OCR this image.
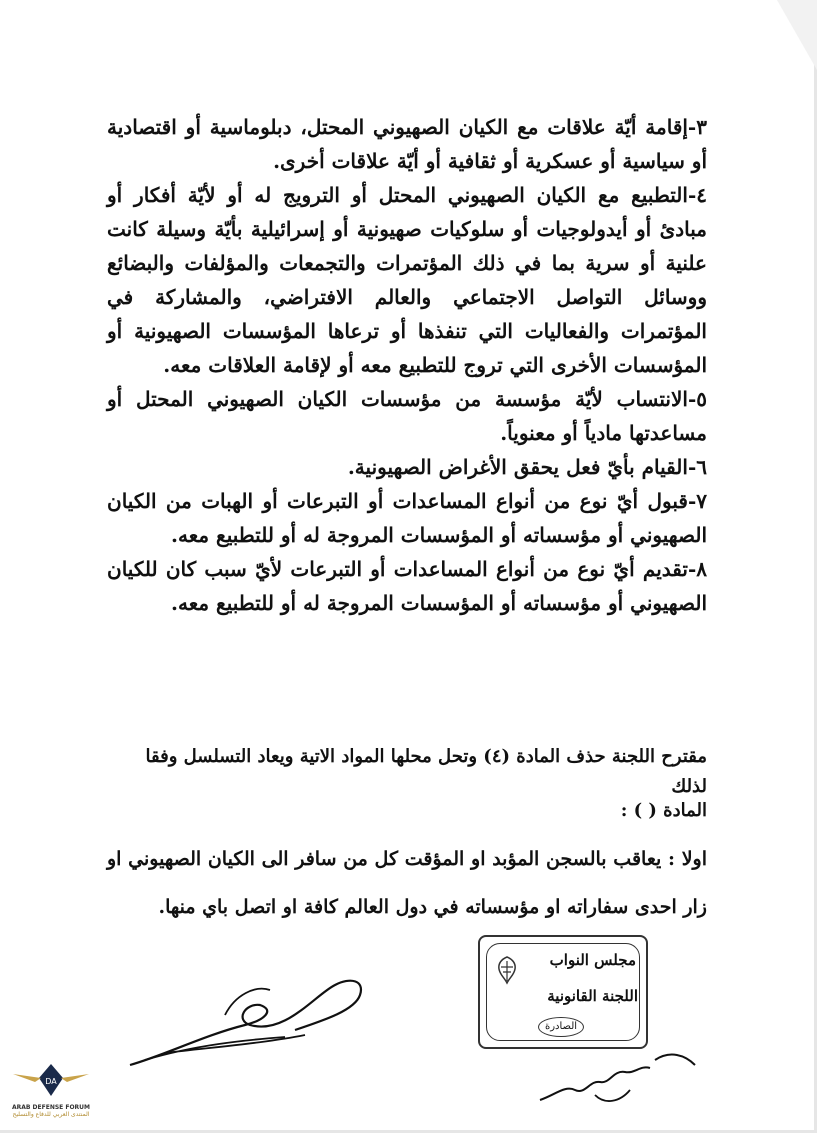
٣-إقامة أيّة علاقات مع الكيان الصهيوني المحتل، دبلوماسية أو اقتصادية أو سياسية أو عسكرية أو ثقافية أو أيّة علاقات أخرى.

٤-التطبيع مع الكيان الصهيوني المحتل أو الترويج له أو لأيّة أفكار أو مبادئ أو أيدولوجيات أو سلوكيات صهيونية أو إسرائيلية بأيّة وسيلة كانت علنية أو سرية بما في ذلك المؤتمرات والتجمعات والمؤلفات والبضائع ووسائل التواصل الاجتماعي والعالم الافتراضي، والمشاركة في المؤتمرات والفعاليات التي تنفذها أو ترعاها المؤسسات الصهيونية أو المؤسسات الأخرى التي تروج للتطبيع معه أو لإقامة العلاقات معه.

٥-الانتساب لأيّة مؤسسة من مؤسسات الكيان الصهيوني المحتل أو مساعدتها مادياً أو معنوياً.

٦-القيام بأيّ فعل يحقق الأغراض الصهيونية.

٧-قبول أيّ نوع من أنواع المساعدات أو التبرعات أو الهبات من الكيان الصهيوني أو مؤسساته أو المؤسسات المروجة له أو للتطبيع معه.

٨-تقديم أيّ نوع من أنواع المساعدات أو التبرعات لأيّ سبب كان للكيان الصهيوني أو مؤسساته أو المؤسسات المروجة له أو للتطبيع معه.

مقترح اللجنة حذف المادة (٤) وتحل محلها المواد الاتية ويعاد التسلسل وفقا لذلك
المادة ( ) :
اولا : يعاقب بالسجن المؤبد او المؤقت كل من سافر الى الكيان الصهيوني او زار احدى سفاراته او مؤسساته في دول العالم كافة او اتصل باي منها.
مجلس النواب
اللجنة القانونية
الصادرة
DA
ARAB DEFENSE FORUM
المنتدى العربي للدفاع والتسليح
